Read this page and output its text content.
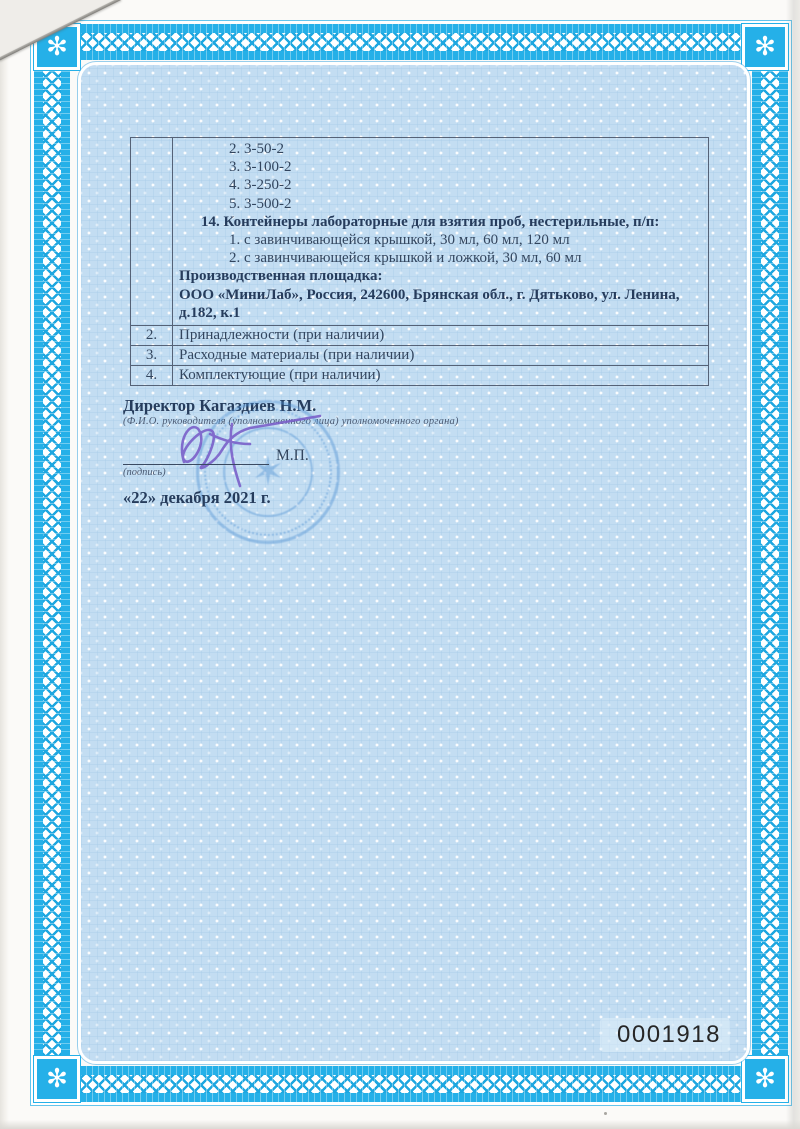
✻	✻
✻	✻
2. 3-50-2
3. 3-100-2
4. 3-250-2
5. 3-500-2
14. Контейнеры лабораторные для взятия проб, нестерильные, п/п:
1. с завинчивающейся крышкой, 30 мл, 60 мл, 120 мл
2. с завинчивающейся крышкой и ложкой, 30 мл, 60 мл
Производственная площадка:
ООО «МиниЛаб», Россия, 242600, Брянская обл., г. Дятьково, ул. Ленина,
д.182, к.1
2.	Принадлежности (при наличии)
3.	Расходные материалы (при наличии)
4.	Комплектующие (при наличии)
Директор Кагаздиев Н.М.
(Ф.И.О. руководителя (уполномоченного лица) уполномоченного органа)
✶
М.П.
(подпись)
«22» декабря 2021 г.
0001918
